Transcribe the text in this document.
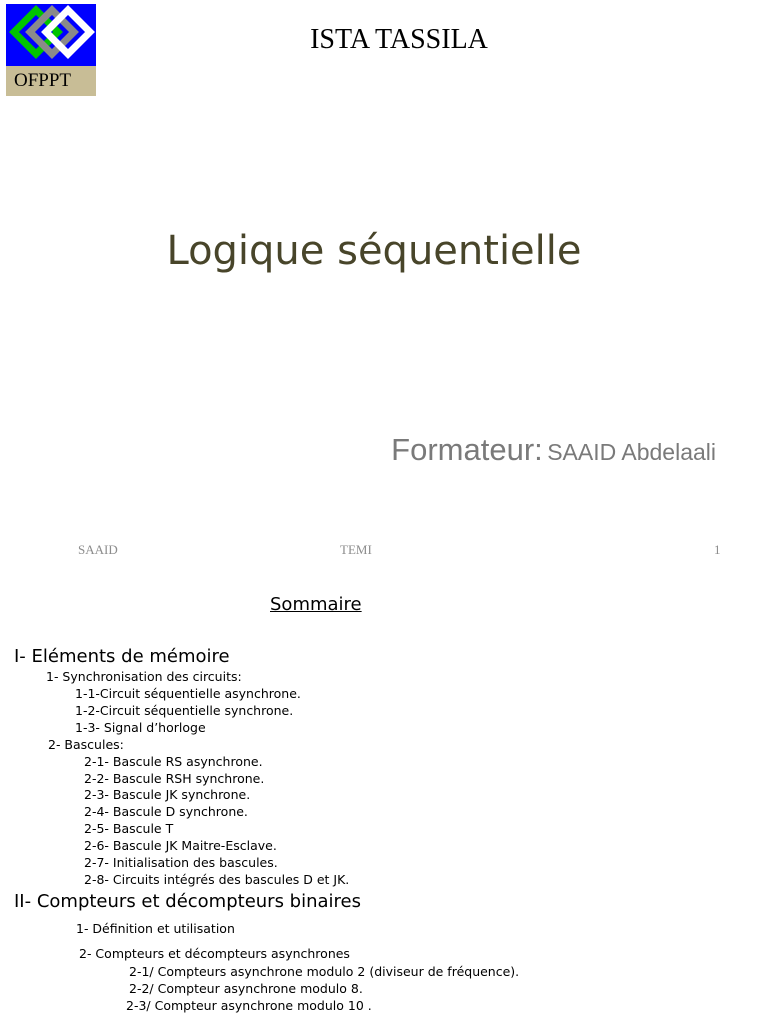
OFPPT
ISTA TASSILA
Logique séquentielle
Formateur: SAAID Abdelaali
SAAID	TEMI	1
Sommaire
I- Eléments de mémoire
1- Synchronisation des circuits:
1-1-Circuit séquentielle asynchrone.
1-2-Circuit séquentielle synchrone.
1-3- Signal d’horloge
2- Bascules:
2-1- Bascule RS asynchrone.
2-2- Bascule RSH synchrone.
2-3- Bascule JK synchrone.
2-4- Bascule D synchrone.
2-5- Bascule T
2-6- Bascule JK Maitre-Esclave.
2-7- Initialisation des bascules.
2-8- Circuits intégrés des bascules D et JK.
II- Compteurs et décompteurs binaires
1- Définition et utilisation
2- Compteurs et décompteurs asynchrones
2-1/ Compteurs asynchrone modulo 2 (diviseur de fréquence).
2-2/ Compteur asynchrone modulo 8.
2-3/ Compteur asynchrone modulo 10 .
